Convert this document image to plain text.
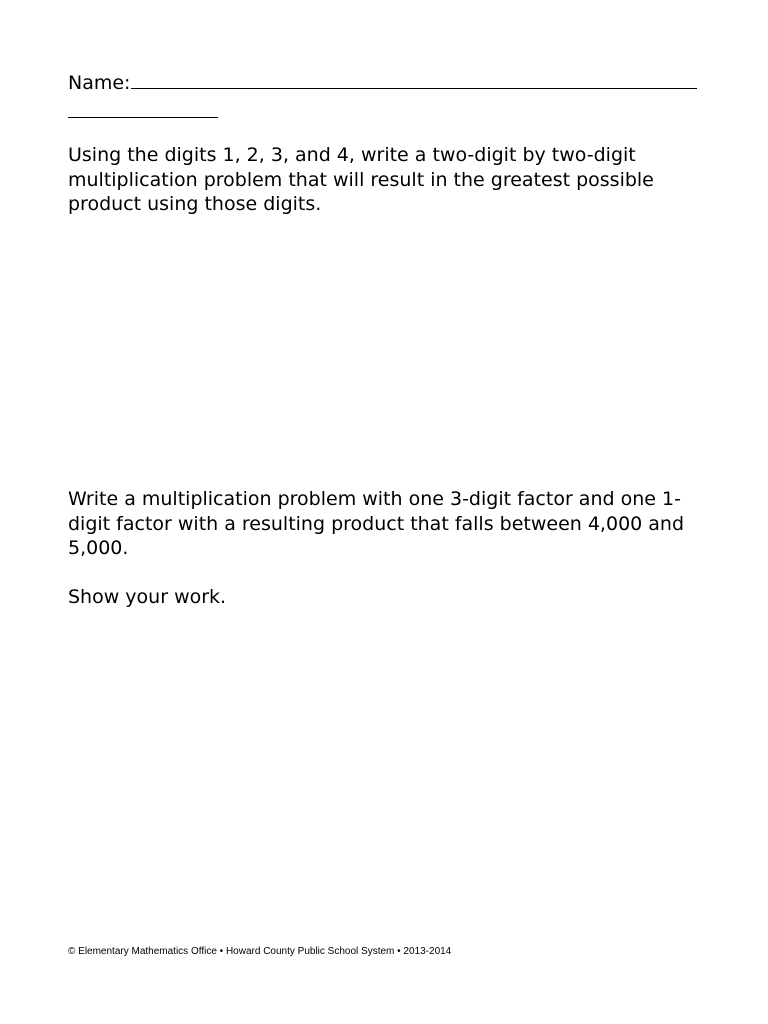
Name:

Using the digits 1, 2, 3, and 4, write a two-digit by two-digit multiplication problem that will result in the greatest possible product using those digits.

Write a multiplication problem with one 3-digit factor and one 1-digit factor with a resulting product that falls between 4,000 and 5,000.

Show your work.

© Elementary Mathematics Office • Howard County Public School System • 2013-2014
